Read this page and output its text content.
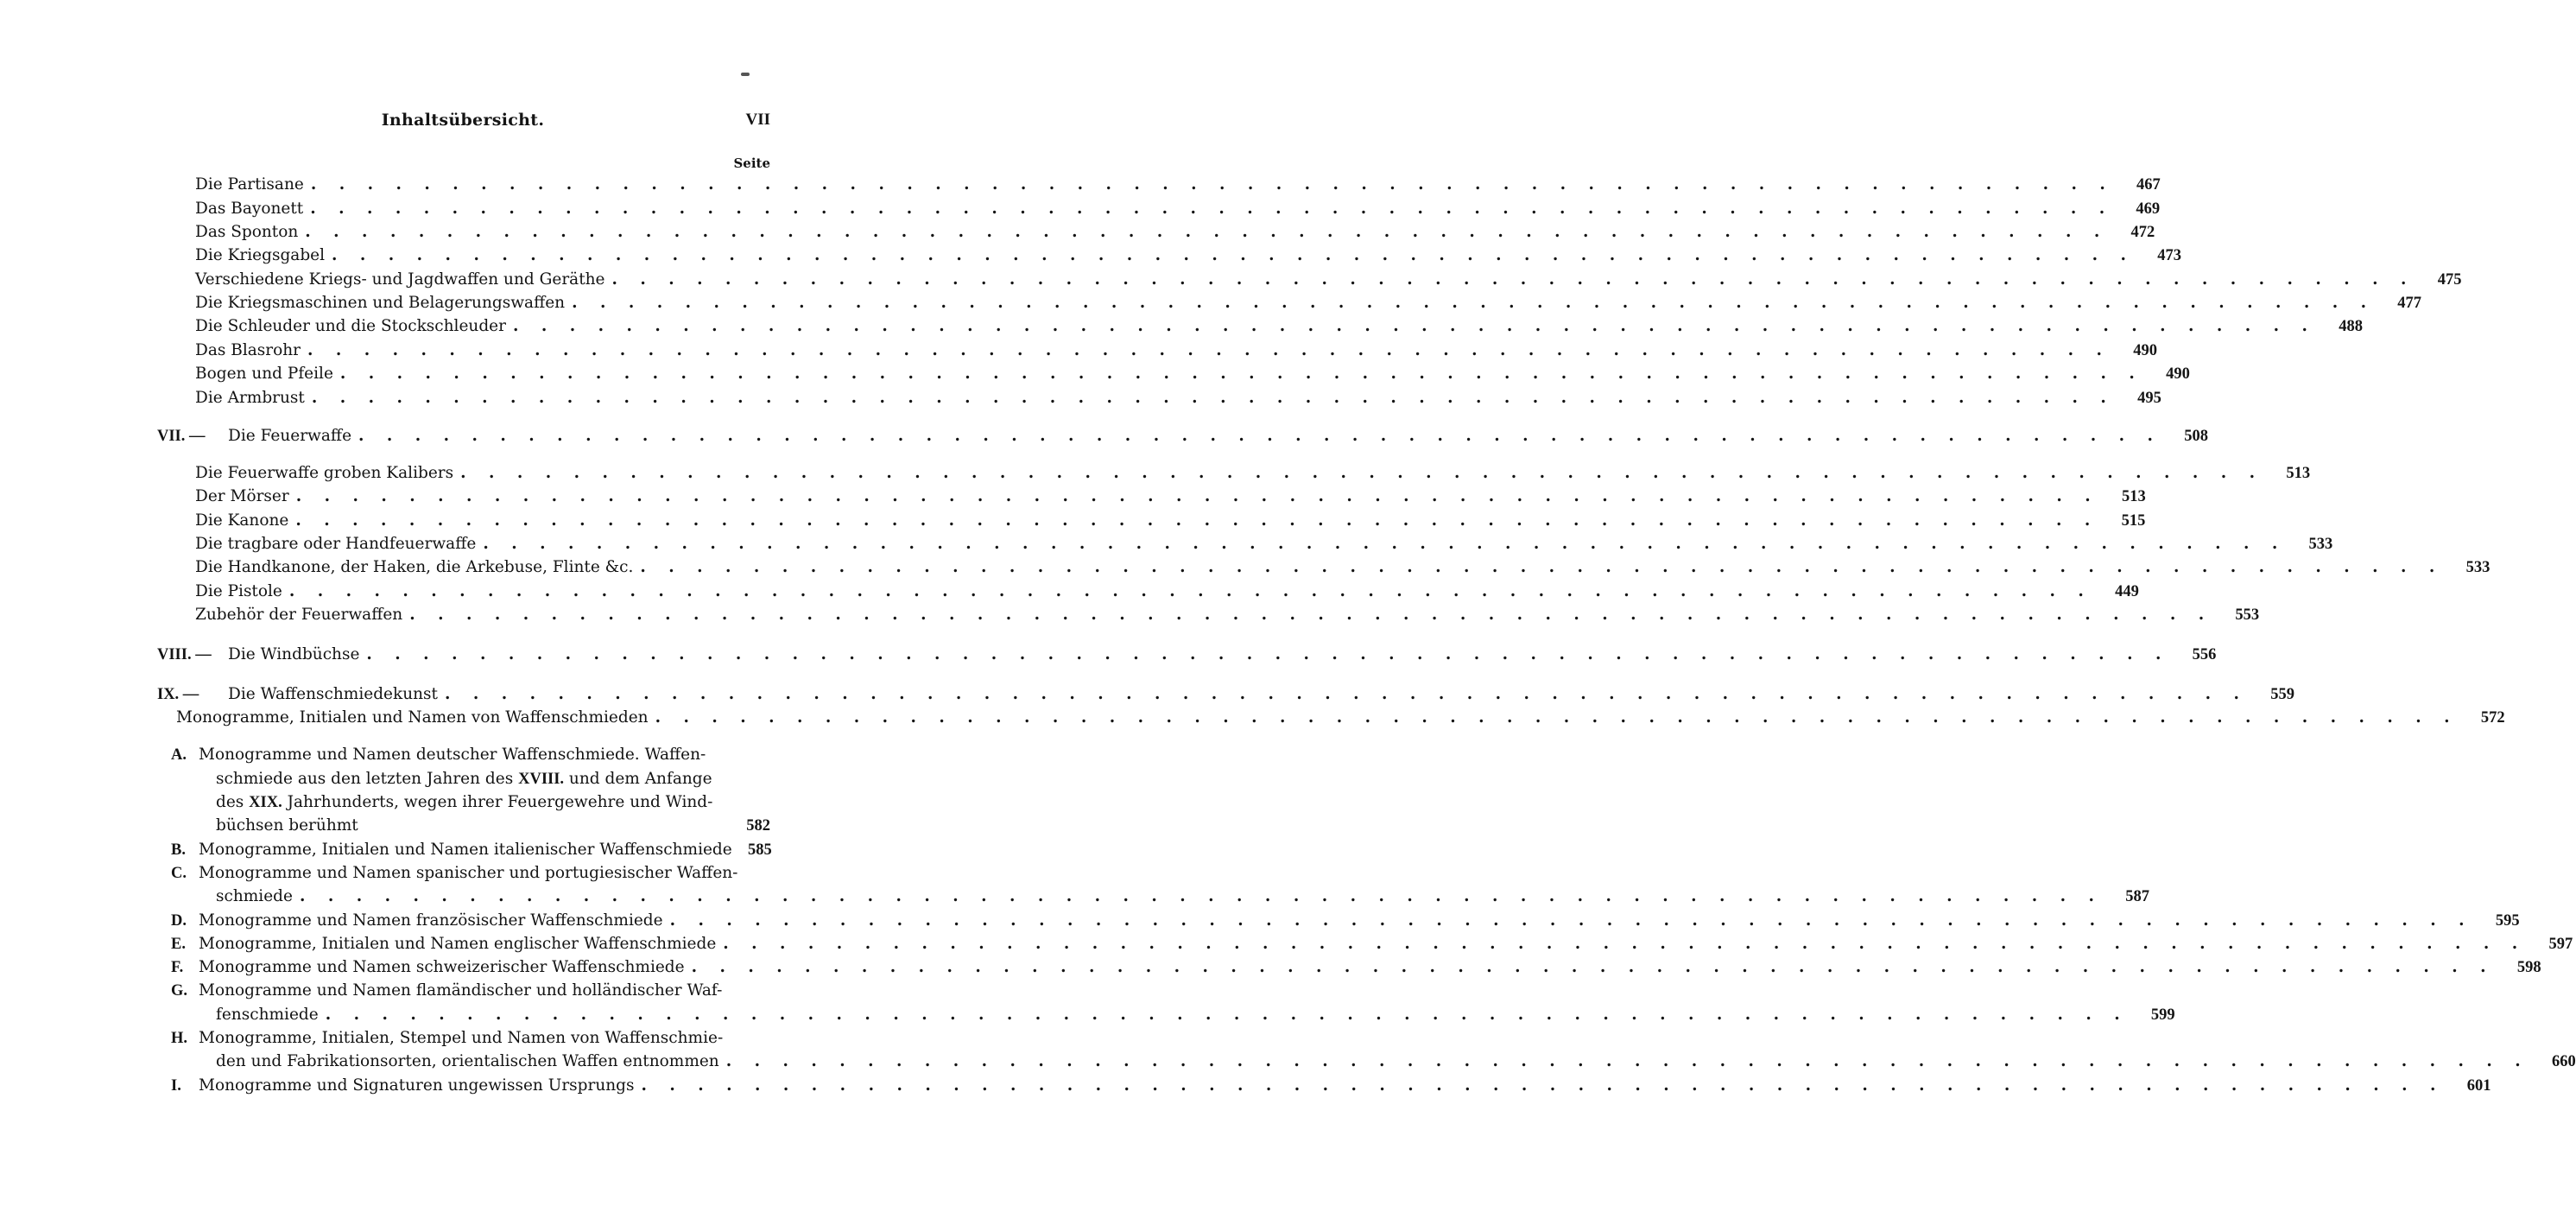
Inhaltsübersicht.	VII
Seite
Die Partisane . . .	467
Das Bayonett . . .	469
Das Sponton . . .	472
Die Kriegsgabel . . .	473
Verschiedene Kriegs- und Jagdwaffen und Geräthe . . .	475
Die Kriegsmaschinen und Belagerungswaffen . . .	477
Die Schleuder und die Stockschleuder . . .	488
Das Blasrohr . . .	490
Bogen und Pfeile . . .	490
Die Armbrust . . .	495
VII. —	Die Feuerwaffe . . .	508
Die Feuerwaffe groben Kalibers . . .	513
Der Mörser . . .	513
Die Kanone . . .	515
Die tragbare oder Handfeuerwaffe . . .	533
Die Handkanone, der Haken, die Arkebuse, Flinte &c. . . .	533
Die Pistole . . .	449
Zubehör der Feuerwaffen . . .	553
VIII. —	Die Windbüchse . . .	556
IX. —	Die Waffenschmiedekunst . . .	559
Monogramme, Initialen und Namen von Waffenschmieden . . .	572
A. Monogramme und Namen deutscher Waffenschmiede. Waffen-
schmiede aus den letzten Jahren des XVIII. und dem Anfange
des XIX. Jahrhunderts, wegen ihrer Feuergewehre und Wind-
büchsen berühmt	582
B. Monogramme, Initialen und Namen italienischer Waffenschmiede 585
C. Monogramme und Namen spanischer und portugiesischer Waffen-
schmiede . . .	587
D. Monogramme und Namen französischer Waffenschmiede . . .	595
E. Monogramme, Initialen und Namen englischer Waffenschmiede . . .	597
F. Monogramme und Namen schweizerischer Waffenschmiede . . .	598
G. Monogramme und Namen flamändischer und holländischer Waf-
fenschmiede . . .	599
H. Monogramme, Initialen, Stempel und Namen von Waffenschmie-
den und Fabrikationsorten, orientalischen Waffen entnommen . . .	660
I.	Monogramme und Signaturen ungewissen Ursprungs . . .	601
